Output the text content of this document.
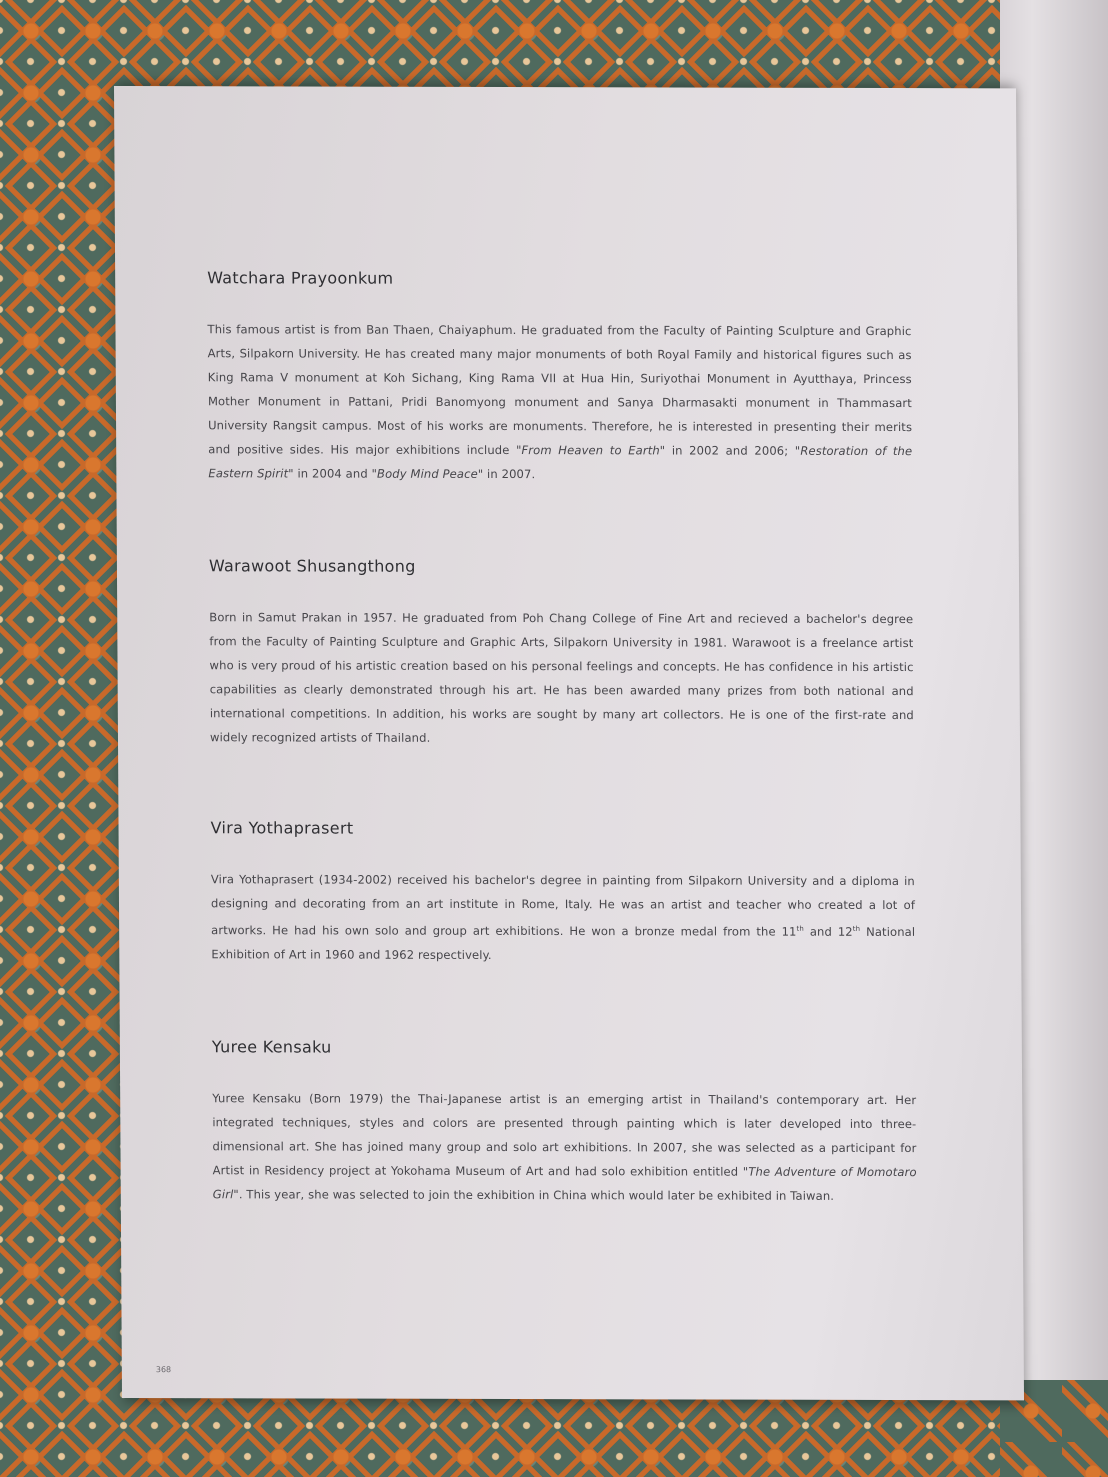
Watchara Prayoonkum

This famous artist is from Ban Thaen, Chaiyaphum. He graduated from the Faculty of Painting Sculpture and Graphic Arts, Silpakorn University. He has created many major monuments of both Royal Family and historical figures such as King Rama V monument at Koh Sichang, King Rama VII at Hua Hin, Suriyothai Monument in Ayutthaya, Princess Mother Monument in Pattani, Pridi Banomyong monument and Sanya Dharmasakti monument in Thammasart University Rangsit campus. Most of his works are monuments. Therefore, he is interested in presenting their merits and positive sides. His major exhibitions include "From Heaven to Earth" in 2002 and 2006; "Restoration of the Eastern Spirit" in 2004 and "Body Mind Peace" in 2007.

Warawoot Shusangthong

Born in Samut Prakan in 1957. He graduated from Poh Chang College of Fine Art and recieved a bachelor's degree from the Faculty of Painting Sculpture and Graphic Arts, Silpakorn University in 1981. Warawoot is a freelance artist who is very proud of his artistic creation based on his personal feelings and concepts. He has confidence in his artistic capabilities as clearly demonstrated through his art. He has been awarded many prizes from both national and international competitions. In addition, his works are sought by many art collectors. He is one of the first-rate and widely recognized artists of Thailand.

Vira Yothaprasert

Vira Yothaprasert (1934-2002) received his bachelor's degree in painting from Silpakorn University and a diploma in designing and decorating from an art institute in Rome, Italy. He was an artist and teacher who created a lot of artworks. He had his own solo and group art exhibitions. He won a bronze medal from the 11th and 12th National Exhibition of Art in 1960 and 1962 respectively.

Yuree Kensaku

Yuree Kensaku (Born 1979) the Thai-Japanese artist is an emerging artist in Thailand's contemporary art. Her integrated techniques, styles and colors are presented through painting which is later developed into three-dimensional art. She has joined many group and solo art exhibitions. In 2007, she was selected as a participant for Artist in Residency project at Yokohama Museum of Art and had solo exhibition entitled "The Adventure of Momotaro Girl". This year, she was selected to join the exhibition in China which would later be exhibited in Taiwan.

368
